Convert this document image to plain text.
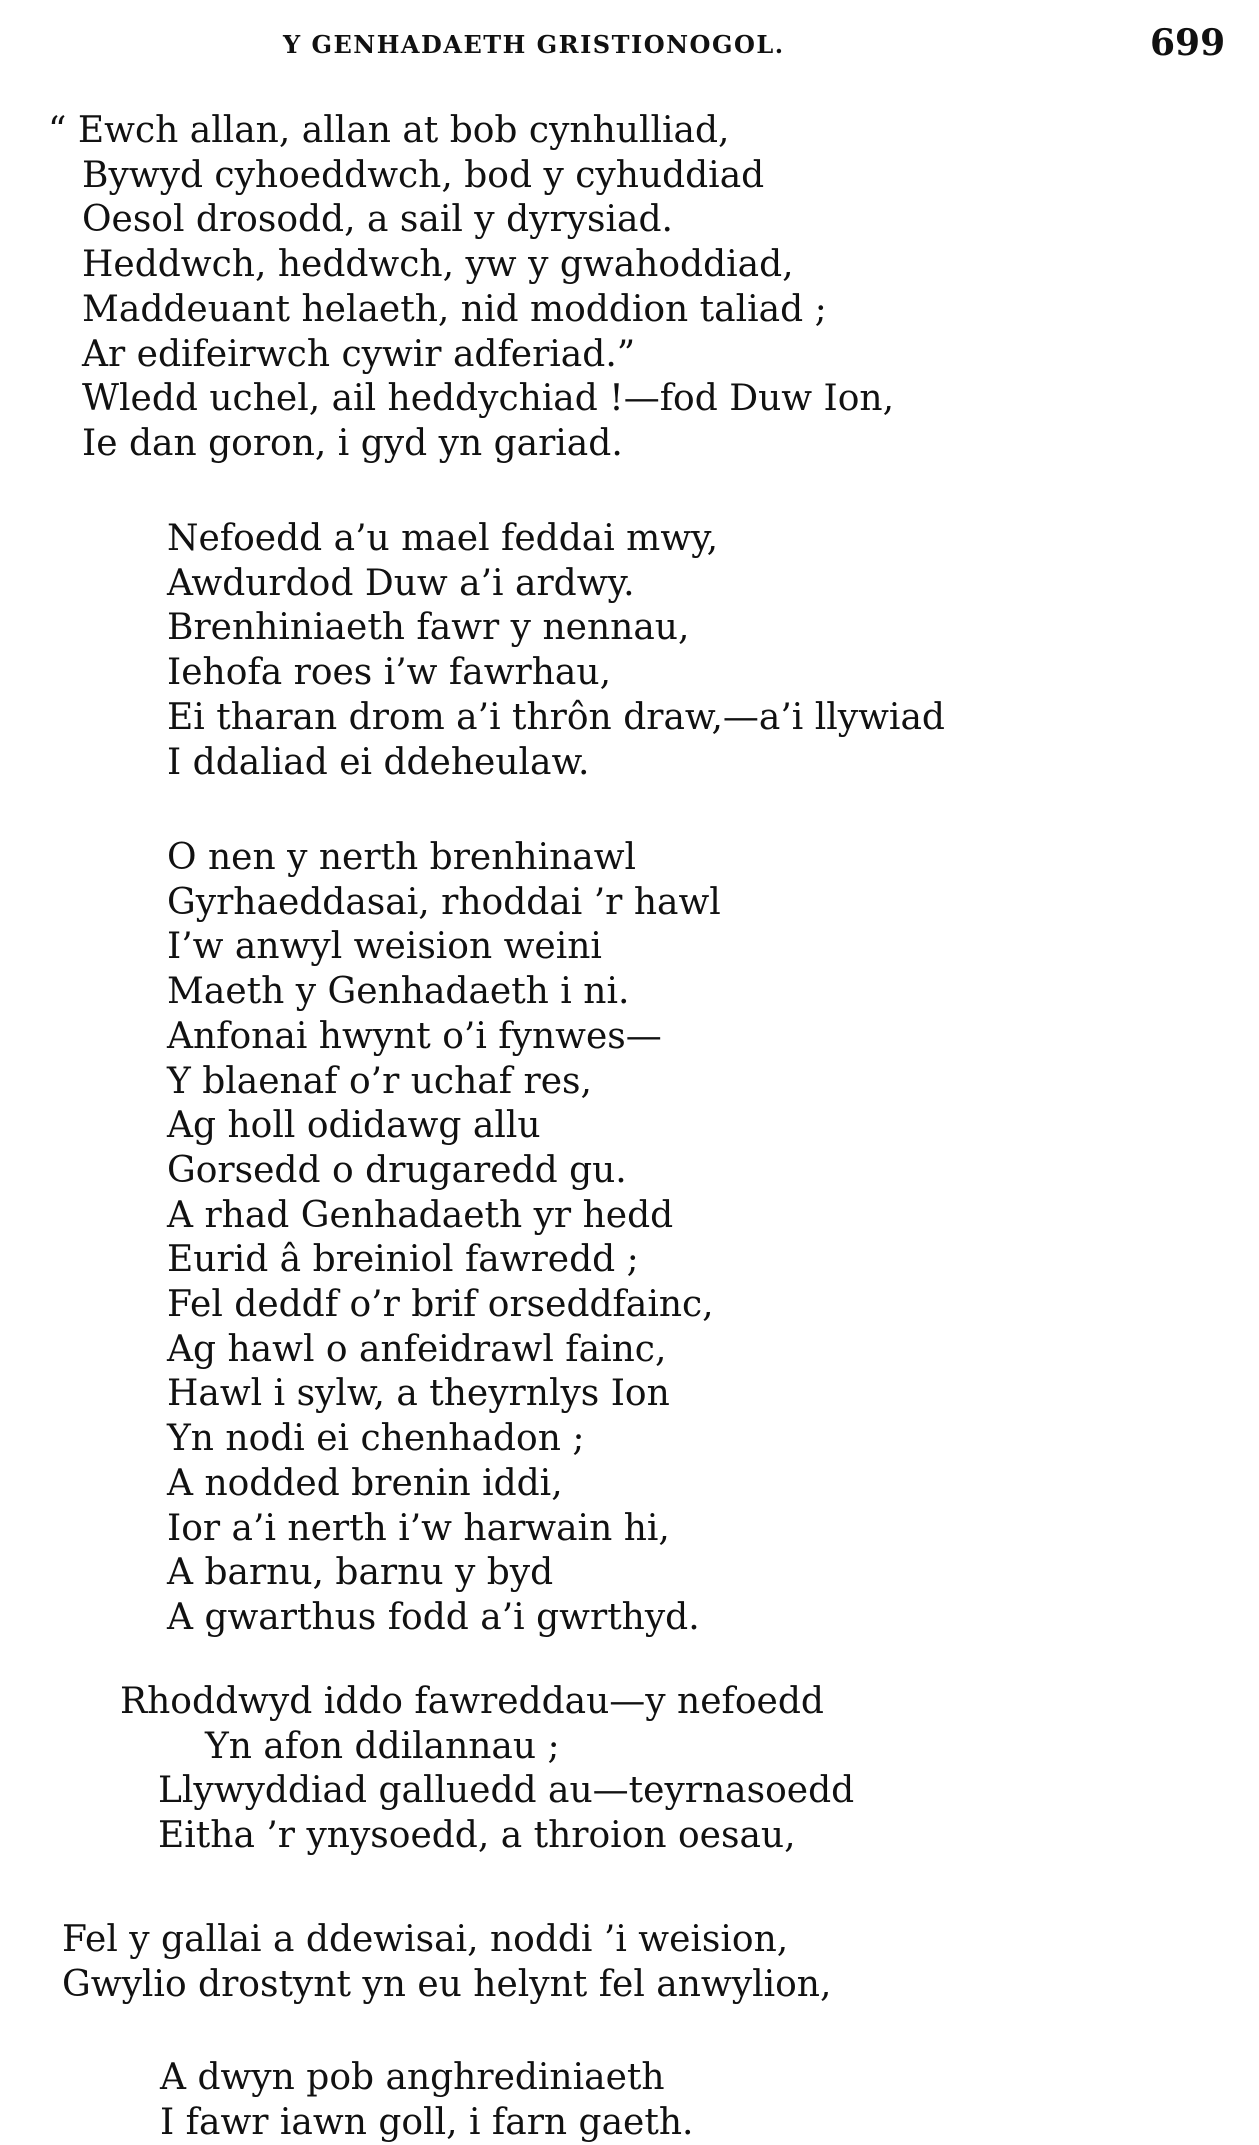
Y GENHADAETH GRISTIONOGOL.	699
“ Ewch allan, allan at bob cynhulliad,
Bywyd cyhoeddwch, bod y cyhuddiad
Oesol drosodd, a sail y dyrysiad.
Heddwch, heddwch, yw y gwahoddiad,
Maddeuant helaeth, nid moddion taliad ;
Ar edifeirwch cywir adferiad.”
Wledd uchel, ail heddychiad !—fod Duw Ion,
Ie dan goron, i gyd yn gariad.
Nefoedd a’u mael feddai mwy,
Awdurdod Duw a’i ardwy.
Brenhiniaeth fawr y nennau,
Iehofa roes i’w fawrhau,
Ei tharan drom a’i thrôn draw,—a’i llywiad
I ddaliad ei ddeheulaw.
O nen y nerth brenhinawl
Gyrhaeddasai, rhoddai ’r hawl
I’w anwyl weision weini
Maeth y Genhadaeth i ni.
Anfonai hwynt o’i fynwes—
Y blaenaf o’r uchaf res,
Ag holl odidawg allu
Gorsedd o drugaredd gu.
A rhad Genhadaeth yr hedd
Eurid â breiniol fawredd ;
Fel deddf o’r brif orseddfainc,
Ag hawl o anfeidrawl fainc,
Hawl i sylw, a theyrnlys Ion
Yn nodi ei chenhadon ;
A nodded brenin iddi,
Ior a’i nerth i’w harwain hi,
A barnu, barnu y byd
A gwarthus fodd a’i gwrthyd.
Rhoddwyd iddo fawreddau—y nefoedd
Yn afon ddilannau ;
Llywyddiad galluedd au—teyrnasoedd
Eitha ’r ynysoedd, a throion oesau,
Fel y gallai a ddewisai, noddi ’i weision,
Gwylio drostynt yn eu helynt fel anwylion,
A dwyn pob anghrediniaeth
I fawr iawn goll, i farn gaeth.
